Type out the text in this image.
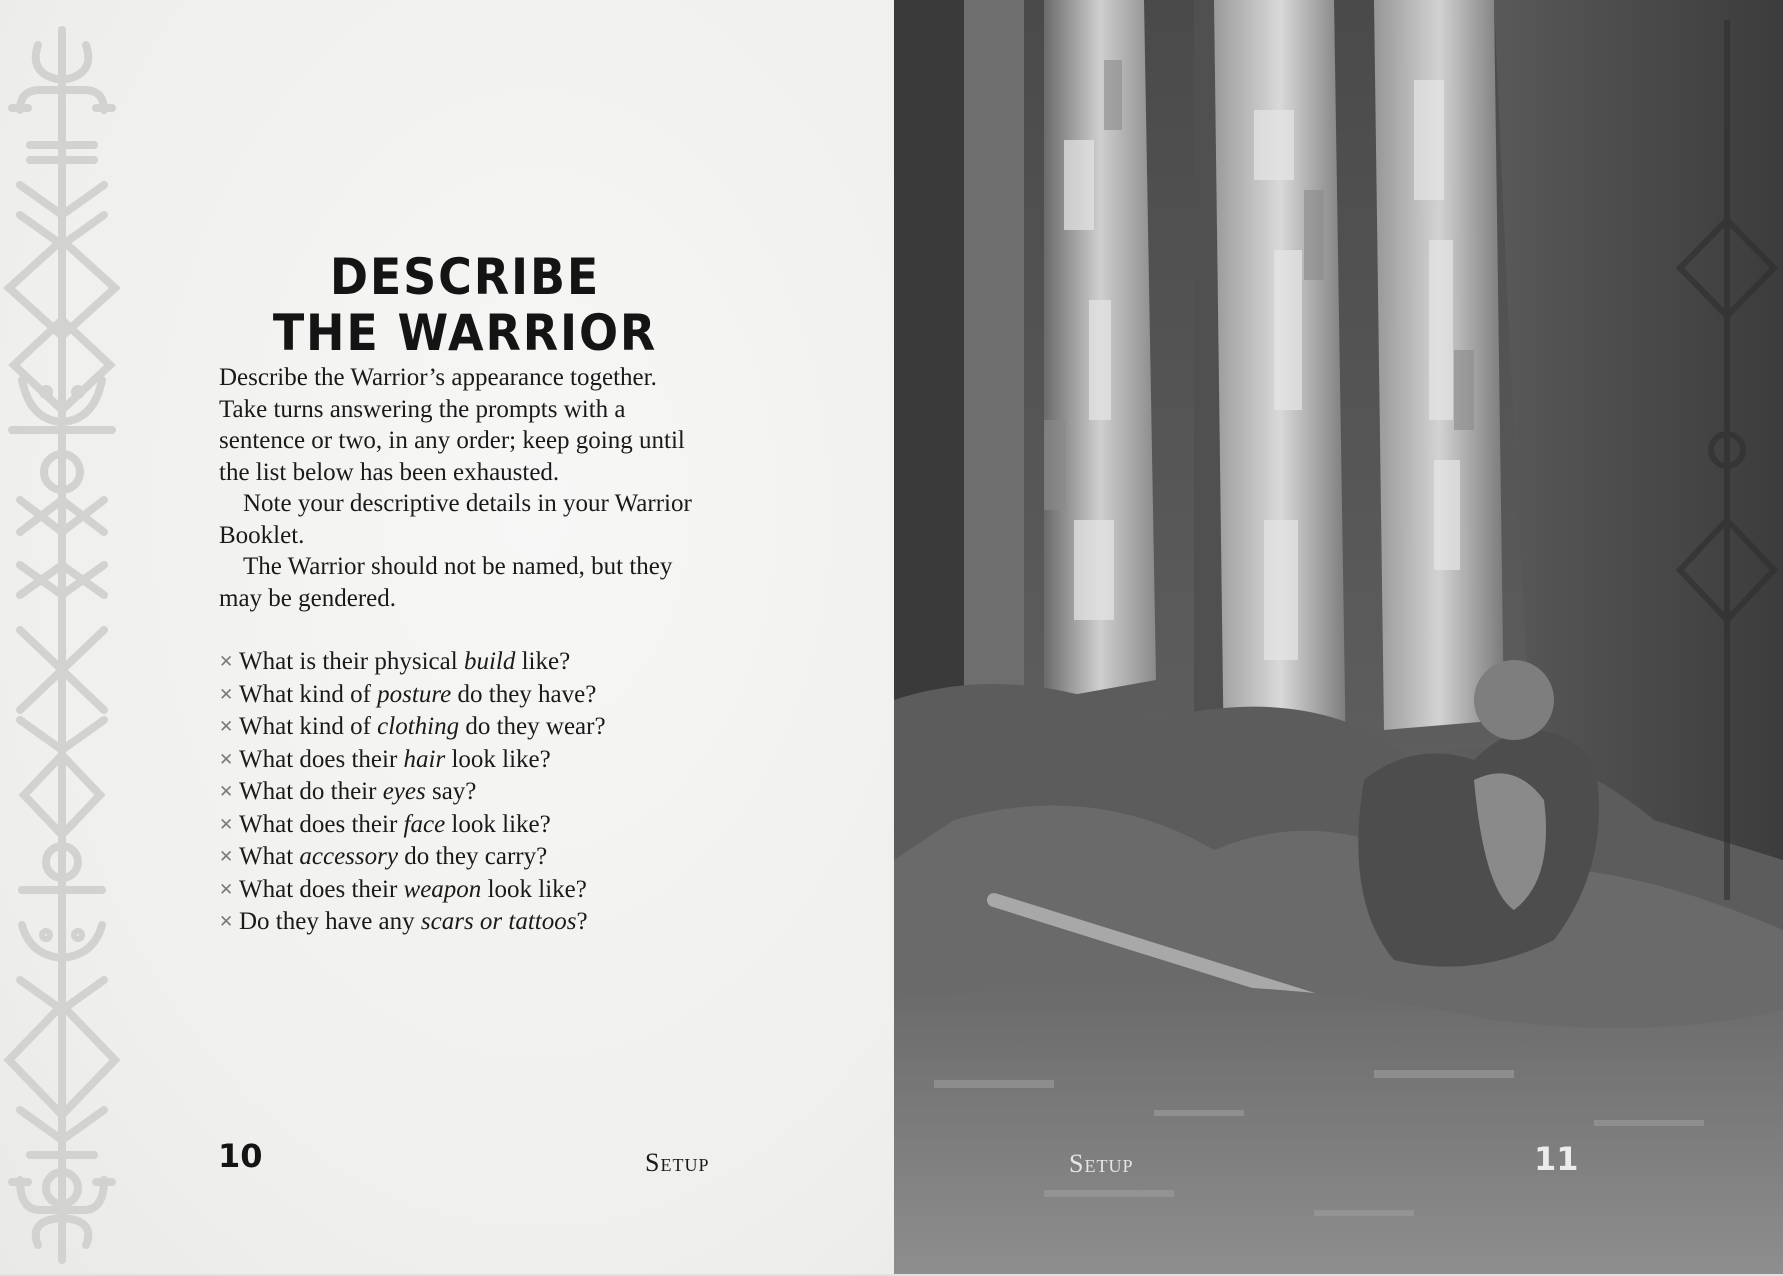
DESCRIBE
THE WARRIOR

Describe the Warrior’s appearance together. Take turns answering the prompts with a sentence or two, in any order; keep going until the list below has been exhausted.

Note your descriptive details in your Warrior Booklet.

The Warrior should not be named, but they may be gendered.

✕ What is their physical build like?
✕ What kind of posture do they have?
✕ What kind of clothing do they wear?
✕ What does their hair look like?
✕ What do their eyes say?
✕ What does their face look like?
✕ What accessory do they carry?
✕ What does their weapon look like?
✕ Do they have any scars or tattoos?
10	Setup	Setup	11
